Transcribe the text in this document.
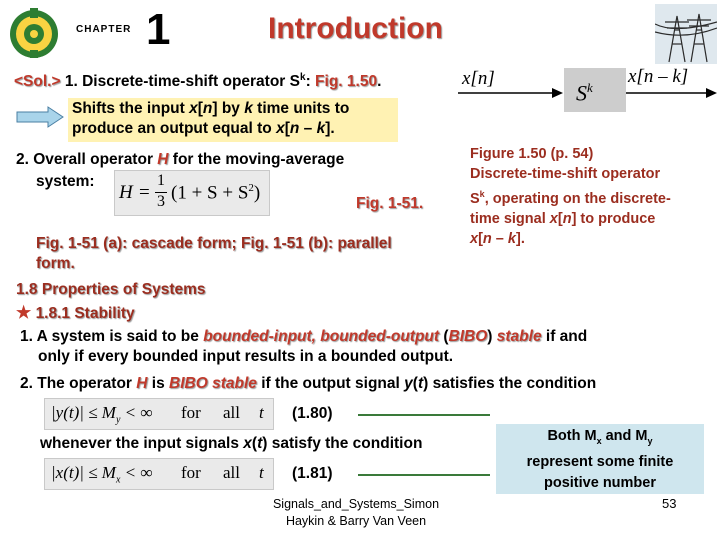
CHAPTER 1	Introduction
<Sol.> 1. Discrete-time-shift operator $S^k$: Fig. 1.50.
Shifts the input x[n] by k time units to
produce an output equal to x[n – k].
x[n]
$S^k$
x[n – k]
Figure 1.50 (p. 54)
Discrete-time-shift operator
$S^k$, operating on the discrete-
time signal x[n] to produce
x[n – k].
2. Overall operator H for the moving-average
system:
H =
1
3 $(1 + S + S^2)$
Fig. 1-51.
Fig. 1-51 (a): cascade form; Fig. 1-51 (b): parallel
form.
1.8 Properties of Systems
★ 1.8.1 Stability
1. A system is said to be bounded-input, bounded-output (BIBO) stable if and
only if every bounded input results in a bounded output.
2. The operator H is BIBO stable if the output signal y(t) satisfies the condition
$|y(t)| \le M_y$ < ∞ for all t (1.80)
whenever the input signals x(t) satisfy the condition
$|x(t)| \le M_x$ < ∞ for all t (1.81)
Both $M_x$ and $M_y$
represent some finite
positive number
Signals_and_Systems_Simon
Haykin & Barry Van Veen
53
